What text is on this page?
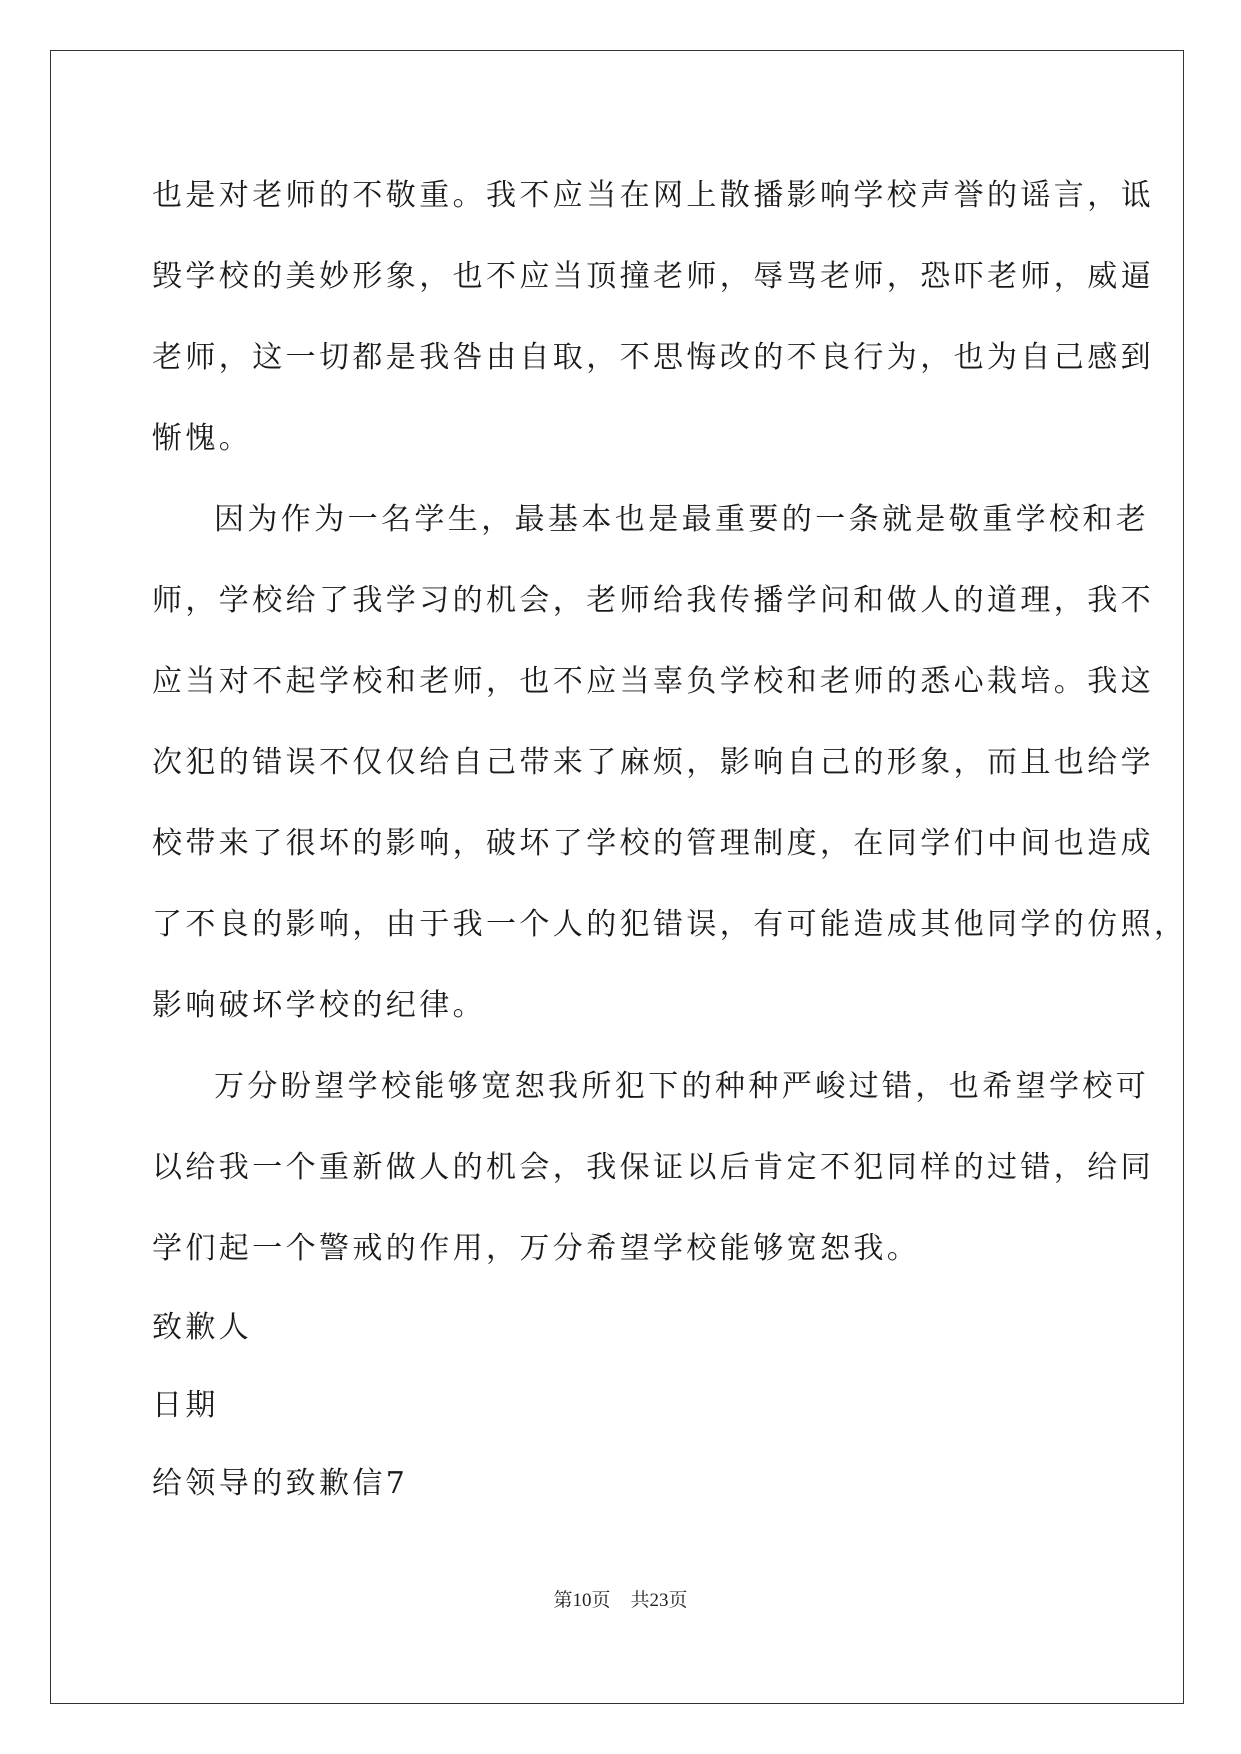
也是对老师的不敬重。我不应当在网上散播影响学校声誉的谣言，诋
毁学校的美妙形象，也不应当顶撞老师，辱骂老师，恐吓老师，威逼
老师，这一切都是我咎由自取，不思悔改的不良行为，也为自己感到
惭愧。
因为作为一名学生，最基本也是最重要的一条就是敬重学校和老
师，学校给了我学习的机会，老师给我传播学问和做人的道理，我不
应当对不起学校和老师，也不应当辜负学校和老师的悉心栽培。我这
次犯的错误不仅仅给自己带来了麻烦，影响自己的形象，而且也给学
校带来了很坏的影响，破坏了学校的管理制度，在同学们中间也造成
了不良的影响，由于我一个人的犯错误，有可能造成其他同学的仿照，
影响破坏学校的纪律。
万分盼望学校能够宽恕我所犯下的种种严峻过错，也希望学校可
以给我一个重新做人的机会，我保证以后肯定不犯同样的过错，给同
学们起一个警戒的作用，万分希望学校能够宽恕我。
致歉人
日期
给领导的致歉信7
第10页 共23页
